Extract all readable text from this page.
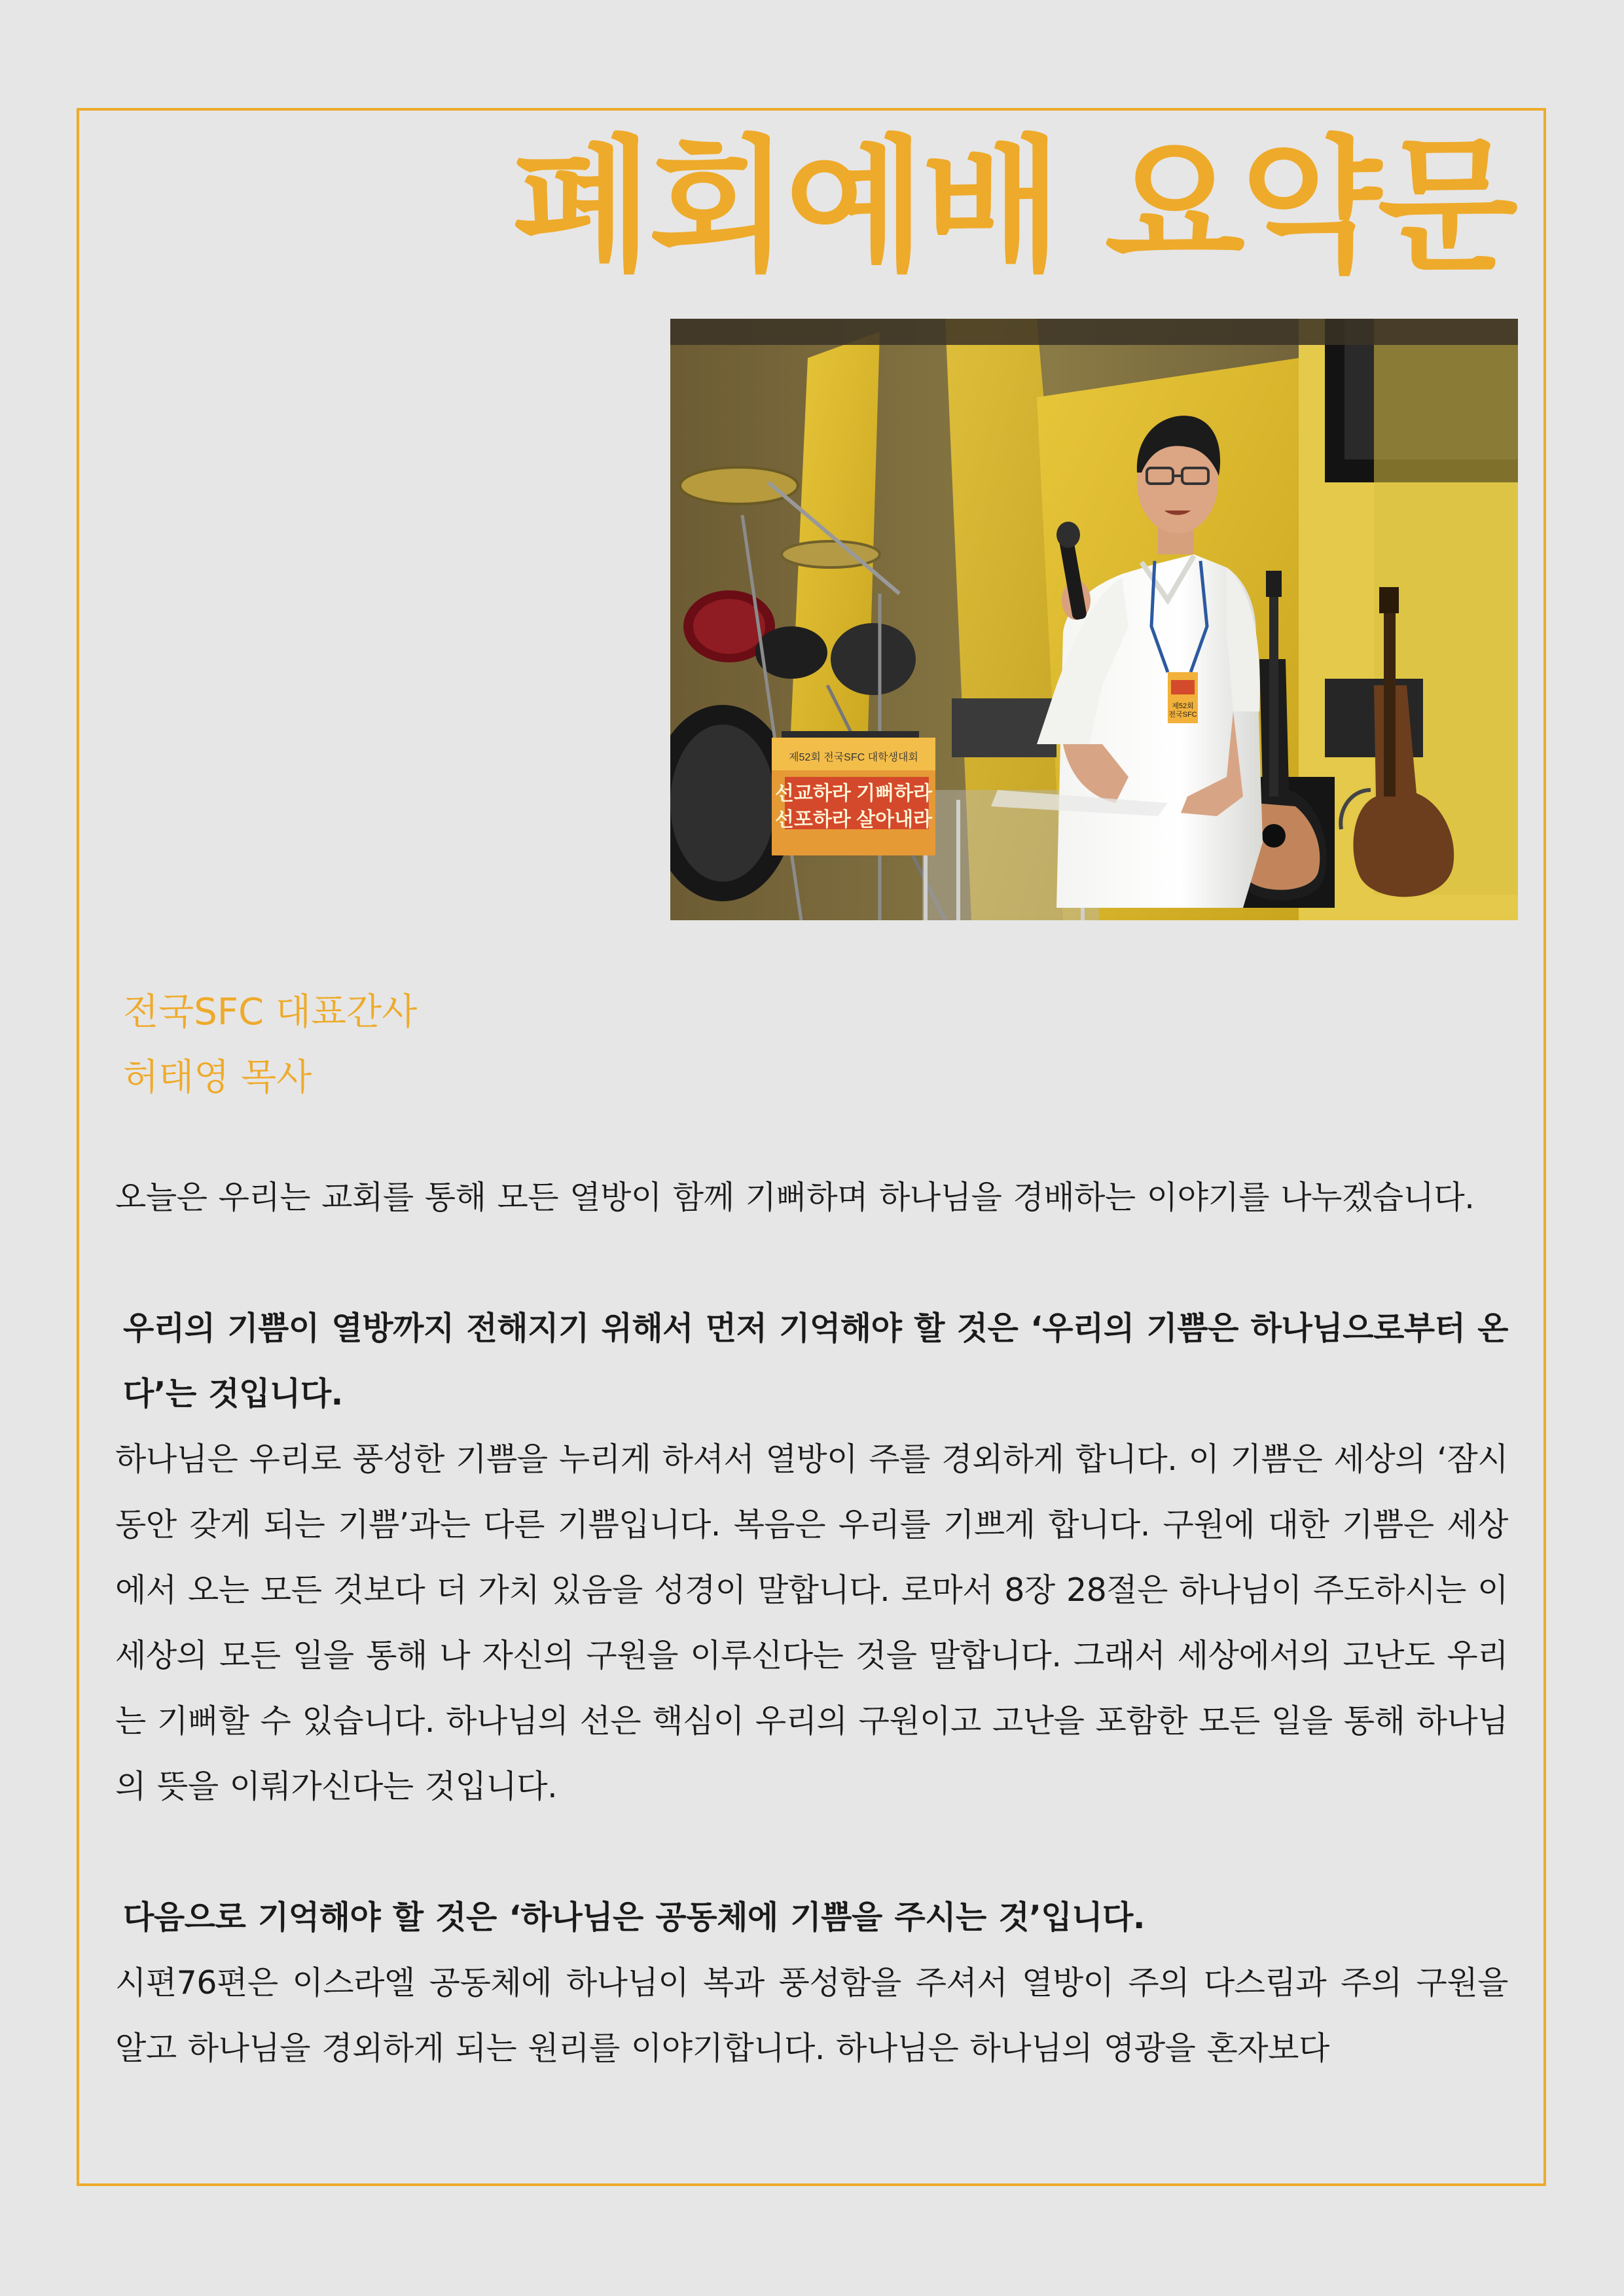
폐회예배 요약문
제52회 전국SFC 대학생대회
선교하라 기뻐하라
선포하라 살아내라
제52회
전국SFC
전국SFC 대표간사
허태영 목사

오늘은 우리는 교회를 통해 모든 열방이 함께 기뻐하며 하나님을 경배하는 이야기를 나누겠습니다.

우리의 기쁨이 열방까지 전해지기 위해서 먼저 기억해야 할 것은 ‘우리의 기쁨은 하나님으로부터 온다’는 것입니다.

하나님은 우리로 풍성한 기쁨을 누리게 하셔서 열방이 주를 경외하게 합니다. 이 기쁨은 세상의 ‘잠시 동안 갖게 되는 기쁨’과는 다른 기쁨입니다. 복음은 우리를 기쁘게 합니다. 구원에 대한 기쁨은 세상에서 오는 모든 것보다 더 가치 있음을 성경이 말합니다. 로마서 8장 28절은 하나님이 주도하시는 이 세상의 모든 일을 통해 나 자신의 구원을 이루신다는 것을 말합니다. 그래서 세상에서의 고난도 우리는 기뻐할 수 있습니다. 하나님의 선은 핵심이 우리의 구원이고 고난을 포함한 모든 일을 통해 하나님의 뜻을 이뤄가신다는 것입니다.

다음으로 기억해야 할 것은 ‘하나님은 공동체에 기쁨을 주시는 것’입니다.

시편76편은 이스라엘 공동체에 하나님이 복과 풍성함을 주셔서 열방이 주의 다스림과 주의 구원을 알고 하나님을 경외하게 되는 원리를 이야기합니다. 하나님은 하나님의 영광을 혼자보다
